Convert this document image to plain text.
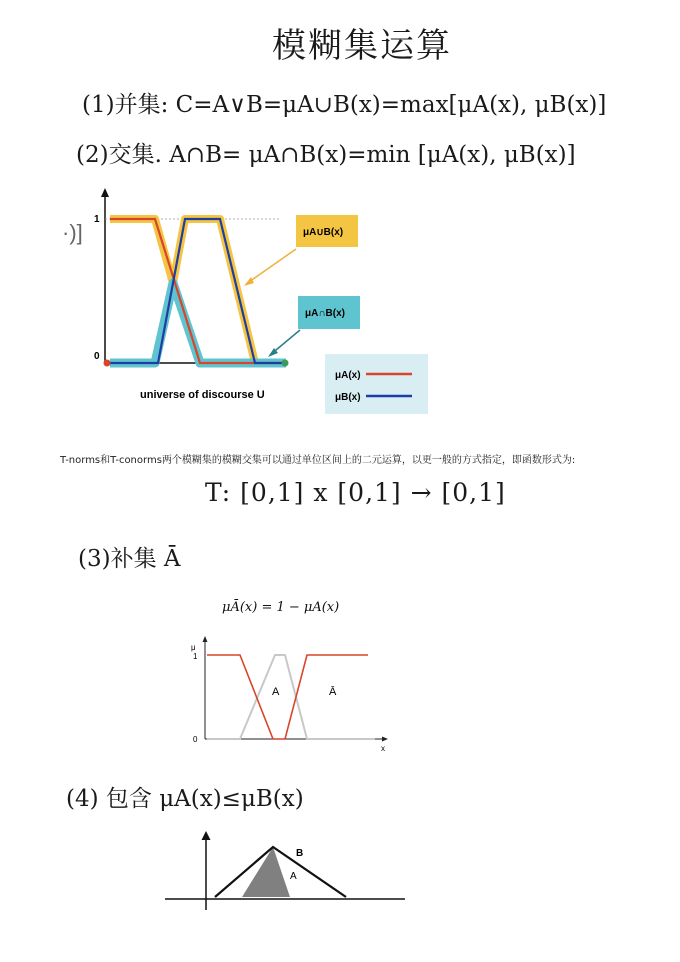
模糊集运算
(1)并集: C=A∨B=μA∪B(x)=max[μA(x), μB(x)]
(2)交集. A∩B= μA∩B(x)=min [μA(x), μB(x)]
·)]
1
0
universe of discourse U
μA∪B(x)
μA∩B(x)
μA(x)
μB(x)
T-norms和T-conorms两个模糊集的模糊交集可以通过单位区间上的二元运算，以更一般的方式指定，即函数形式为:
T: [0,1] x [0,1] → [0,1]
(3)补集 Ā
μĀ(x) = 1 − μA(x)
μ
1
0
x
A	Ā
(4) 包含 μA(x)≤μB(x)
B
A
